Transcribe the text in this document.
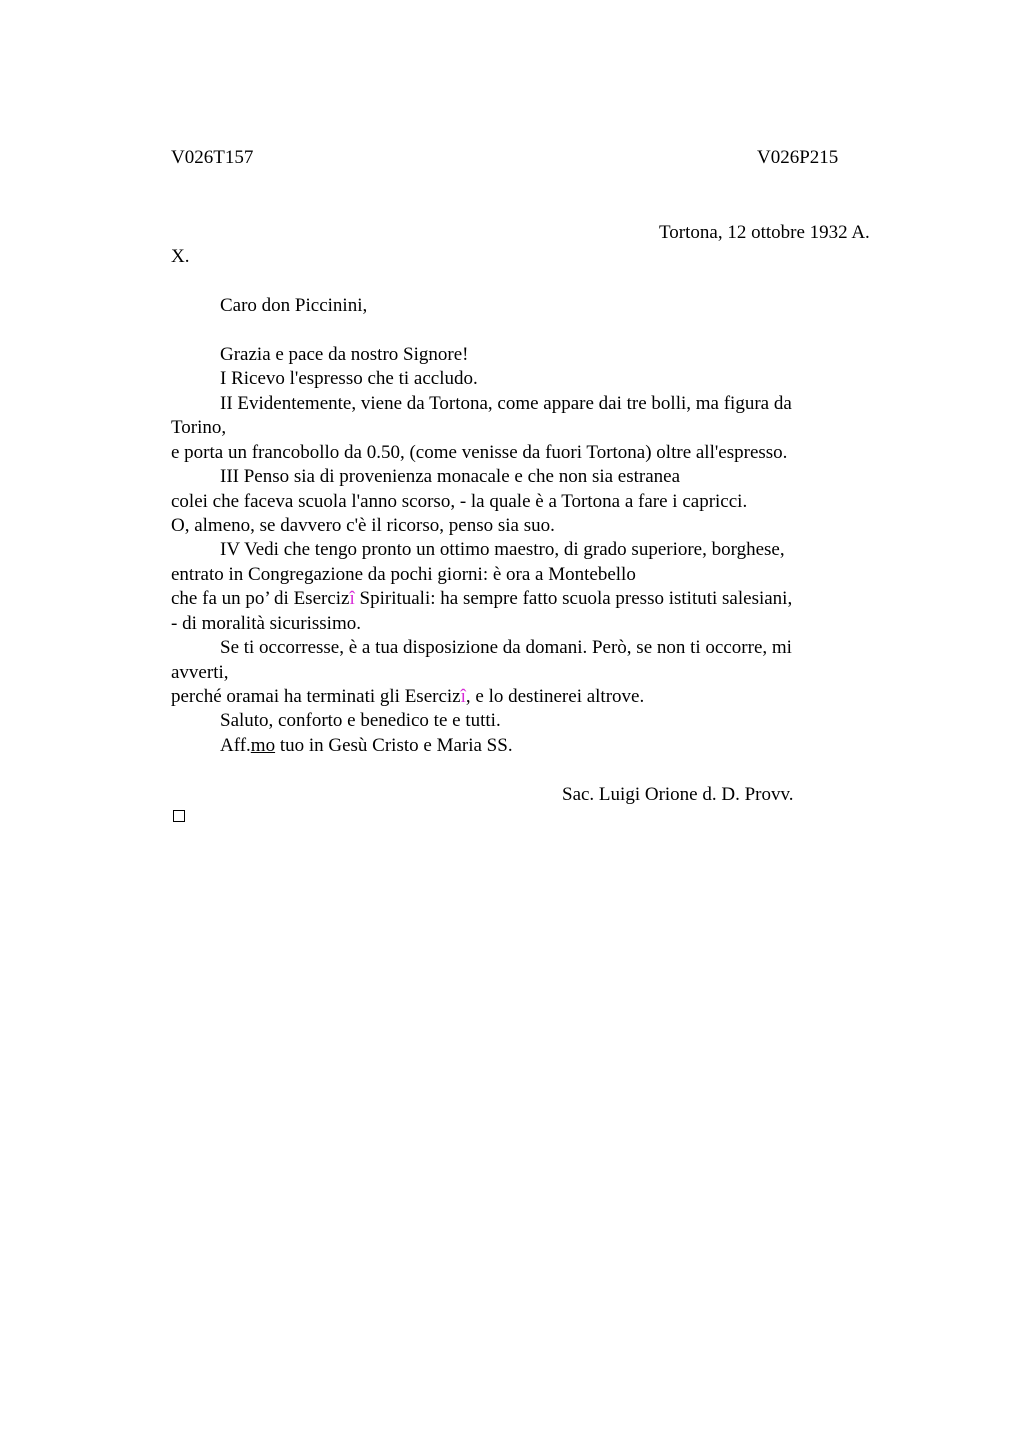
V026T157	V026P215
Tortona, 12 ottobre 1932 A.
X.
Caro don Piccinini,
Grazia e pace da nostro Signore!
I Ricevo l'espresso che ti accludo.
II Evidentemente, viene da Tortona, come appare dai tre bolli, ma figura da
Torino,
e porta un francobollo da 0.50, (come venisse da fuori Tortona) oltre all'espresso.
III Penso sia di provenienza monacale e che non sia estranea
colei che faceva scuola l'anno scorso, - la quale è a Tortona a fare i capricci.
O, almeno, se davvero c'è il ricorso, penso sia suo.
IV Vedi che tengo pronto un ottimo maestro, di grado superiore, borghese,
entrato in Congregazione da pochi giorni: è ora a Montebello
che fa un po’ di Esercizî Spirituali: ha sempre fatto scuola presso istituti salesiani,
- di moralità sicurissimo.
Se ti occorresse, è a tua disposizione da domani. Però, se non ti occorre, mi
avverti,
perché oramai ha terminati gli Esercizî, e lo destinerei altrove.
Saluto, conforto e benedico te e tutti.
Aff.mo tuo in Gesù Cristo e Maria SS.
Sac. Luigi Orione d. D. Provv.
